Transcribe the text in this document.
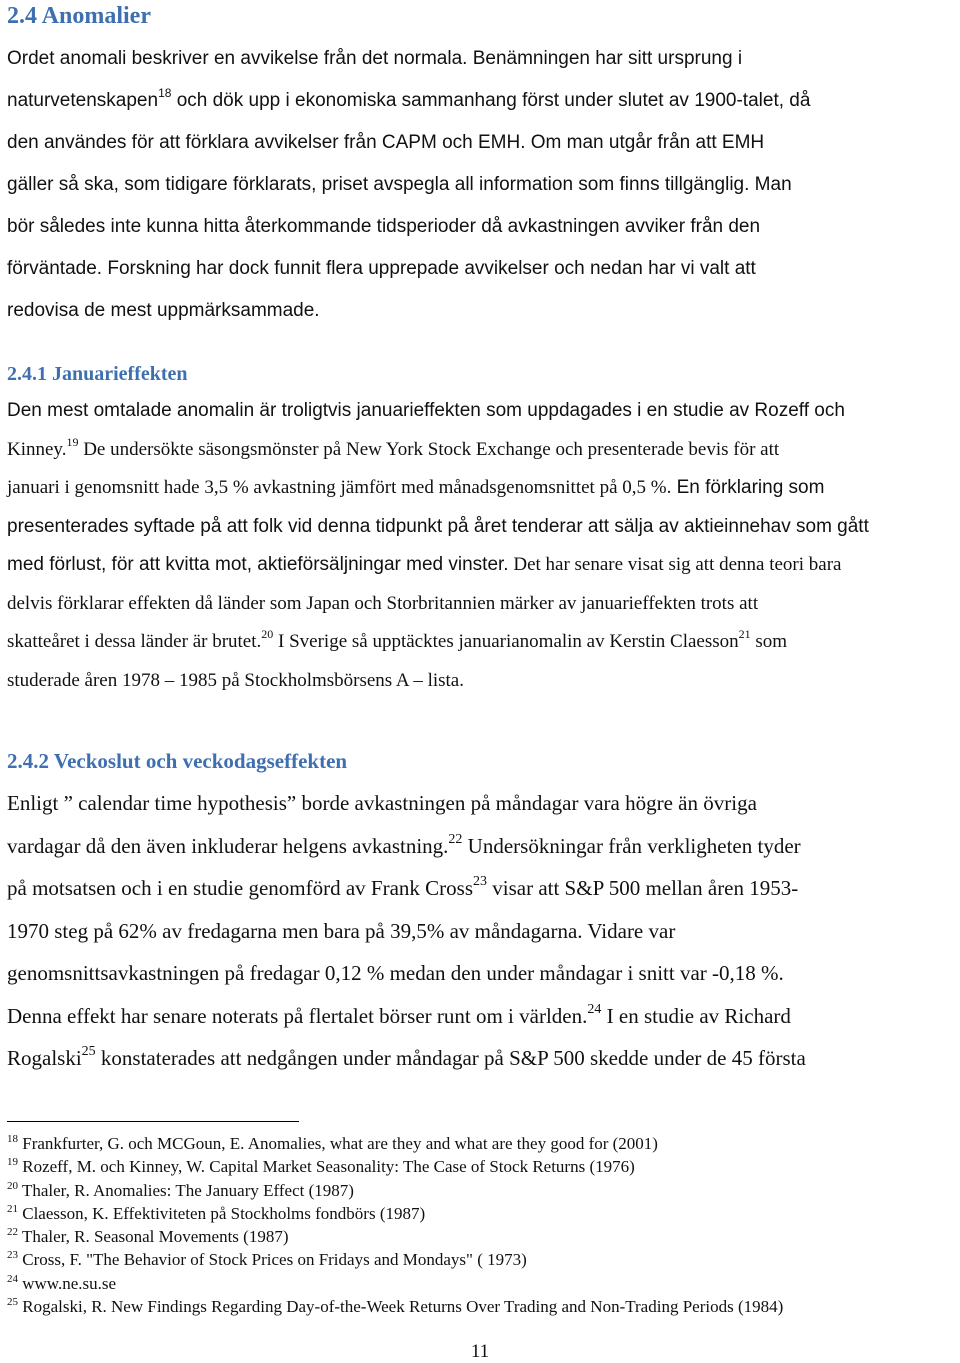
2.4 Anomalier

Ordet anomali beskriver en avvikelse från det normala. Benämningen har sitt ursprung i
naturvetenskapen$^{18}$ och dök upp i ekonomiska sammanhang först under slutet av 1900-talet, då
den användes för att förklara avvikelser från CAPM och EMH. Om man utgår från att EMH
gäller så ska, som tidigare förklarats, priset avspegla all information som finns tillgänglig. Man
bör således inte kunna hitta återkommande tidsperioder då avkastningen avviker från den
förväntade. Forskning har dock funnit flera upprepade avvikelser och nedan har vi valt att
redovisa de mest uppmärksammade.

2.4.1 Januarieffekten

Den mest omtalade anomalin är troligtvis januarieffekten som uppdagades i en studie av Rozeff och
Kinney.$^{19}$ De undersökte säsongsmönster på New York Stock Exchange och presenterade bevis för att
januari i genomsnitt hade 3,5 % avkastning jämfört med månadsgenomsnittet på 0,5 %. En förklaring som
presenterades syftade på att folk vid denna tidpunkt på året tenderar att sälja av aktieinnehav som gått
med förlust, för att kvitta mot, aktieförsäljningar med vinster. Det har senare visat sig att denna teori bara
delvis förklarar effekten då länder som Japan och Storbritannien märker av januarieffekten trots att
skatteåret i dessa länder är brutet.$^{20}$ I Sverige så upptäcktes januarianomalin av Kerstin Claesson$^{21}$ som
studerade åren 1978 – 1985 på Stockholmsbörsens A – lista.

2.4.2 Veckoslut och veckodagseffekten

Enligt ” calendar time hypothesis” borde avkastningen på måndagar vara högre än övriga
vardagar då den även inkluderar helgens avkastning.$^{22}$ Undersökningar från verkligheten tyder
på motsatsen och i en studie genomförd av Frank Cross$^{23}$ visar att S&P 500 mellan åren 1953-
1970 steg på 62% av fredagarna men bara på 39,5% av måndagarna. Vidare var
genomsnittsavkastningen på fredagar 0,12 % medan den under måndagar i snitt var -0,18 %.
Denna effekt har senare noterats på flertalet börser runt om i världen.$^{24}$ I en studie av Richard
Rogalski$^{25}$ konstaterades att nedgången under måndagar på S&P 500 skedde under de 45 första

$^{18}$ Frankfurter, G. och MCGoun, E. Anomalies, what are they and what are they good for (2001)
$^{19}$ Rozeff, M. och Kinney, W. Capital Market Seasonality: The Case of Stock Returns (1976)
$^{20}$ Thaler, R. Anomalies: The January Effect (1987)
$^{21}$ Claesson, K. Effektiviteten på Stockholms fondbörs (1987)
$^{22}$ Thaler, R. Seasonal Movements (1987)
$^{23}$ Cross, F. "The Behavior of Stock Prices on Fridays and Mondays" ( 1973)
$^{24}$ www.ne.su.se
$^{25}$ Rogalski, R. New Findings Regarding Day-of-the-Week Returns Over Trading and Non-Trading Periods (1984)
11
